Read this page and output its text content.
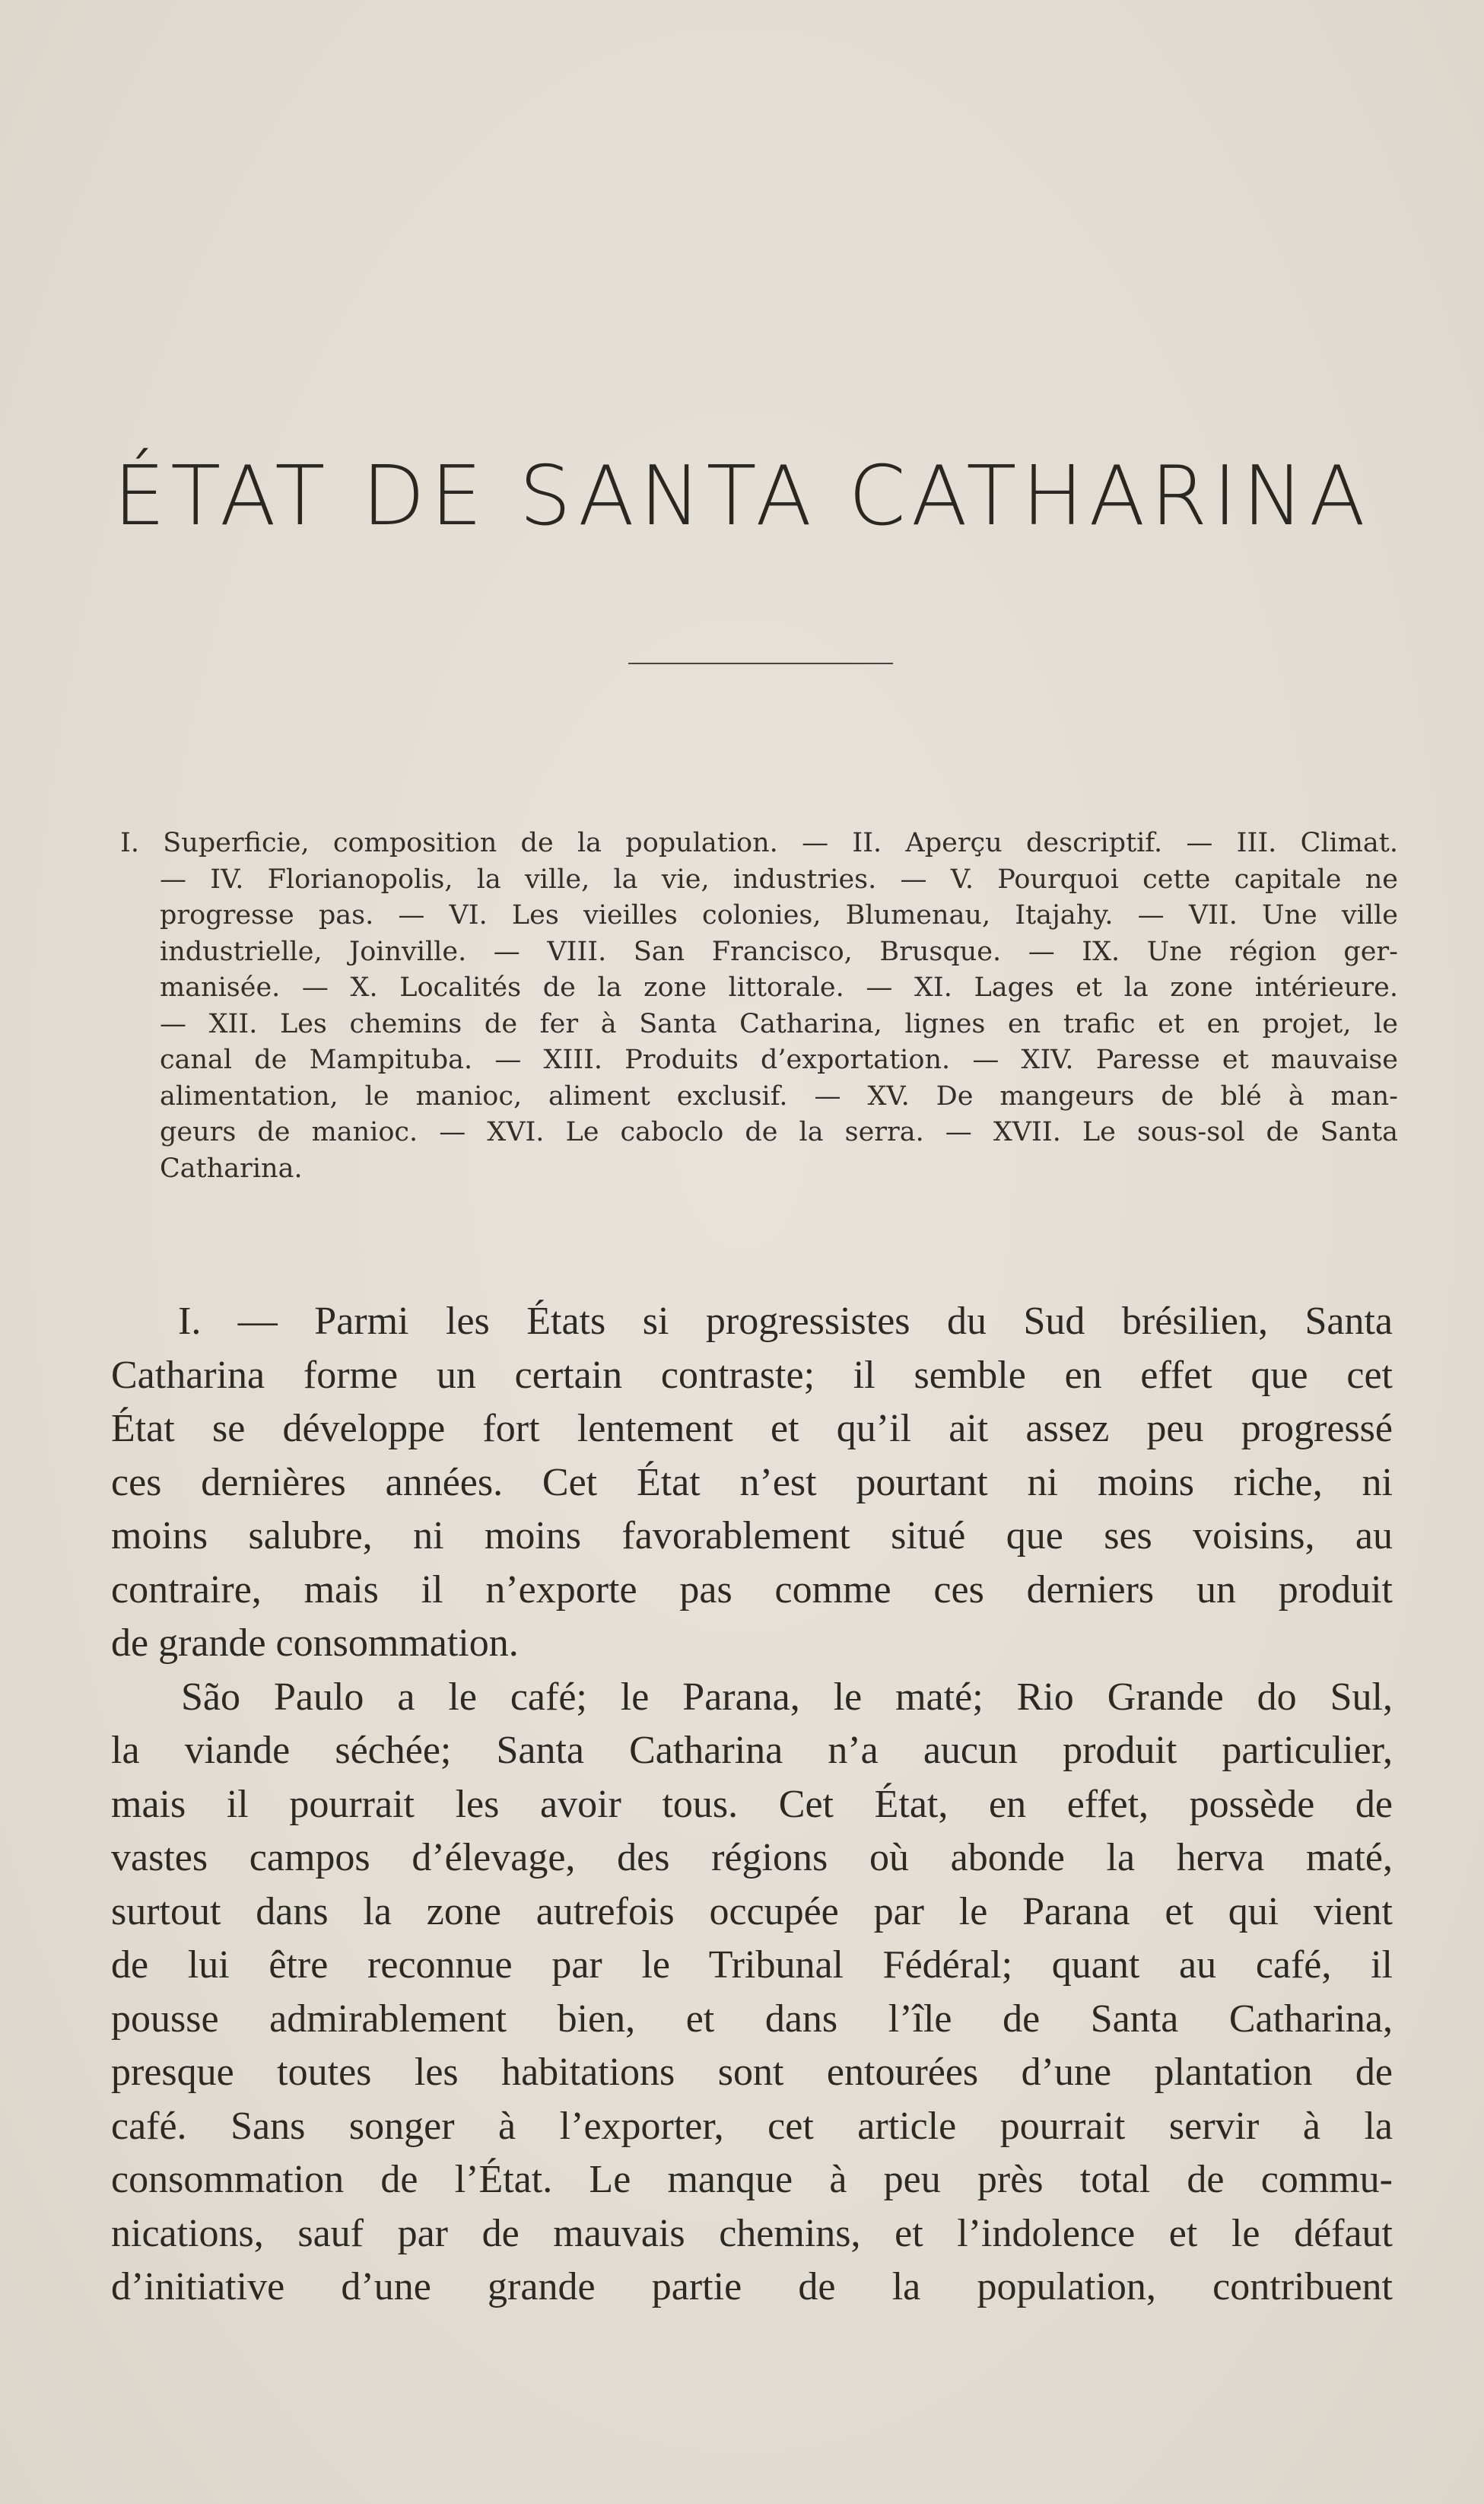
ÉTAT DE SANTA CATHARINA
I. Superficie, composition de la population. — II. Aperçu descriptif. — III. Climat.
— IV. Florianopolis, la ville, la vie, industries. — V. Pourquoi cette capitale ne
progresse pas. — VI. Les vieilles colonies, Blumenau, Itajahy. — VII. Une ville
industrielle, Joinville. — VIII. San Francisco, Brusque. — IX. Une région ger-
manisée. — X. Localités de la zone littorale. — XI. Lages et la zone intérieure.
— XII. Les chemins de fer à Santa Catharina, lignes en trafic et en projet, le
canal de Mampituba. — XIII. Produits d’exportation. — XIV. Paresse et mauvaise
alimentation, le manioc, aliment exclusif. — XV. De mangeurs de blé à man-
geurs de manioc. — XVI. Le caboclo de la serra. — XVII. Le sous-sol de Santa
Catharina.
I. — Parmi les États si progressistes du Sud brésilien, Santa
Catharina forme un certain contraste; il semble en effet que cet
État se développe fort lentement et qu’il ait assez peu progressé
ces dernières années. Cet État n’est pourtant ni moins riche, ni
moins salubre, ni moins favorablement situé que ses voisins, au
contraire, mais il n’exporte pas comme ces derniers un produit
de grande consommation.
São Paulo a le café; le Parana, le maté; Rio Grande do Sul,
la viande séchée; Santa Catharina n’a aucun produit particulier,
mais il pourrait les avoir tous. Cet État, en effet, possède de
vastes campos d’élevage, des régions où abonde la herva maté,
surtout dans la zone autrefois occupée par le Parana et qui vient
de lui être reconnue par le Tribunal Fédéral; quant au café, il
pousse admirablement bien, et dans l’île de Santa Catharina,
presque toutes les habitations sont entourées d’une plantation de
café. Sans songer à l’exporter, cet article pourrait servir à la
consommation de l’État. Le manque à peu près total de commu-
nications, sauf par de mauvais chemins, et l’indolence et le défaut
d’initiative d’une grande partie de la population, contribuent
